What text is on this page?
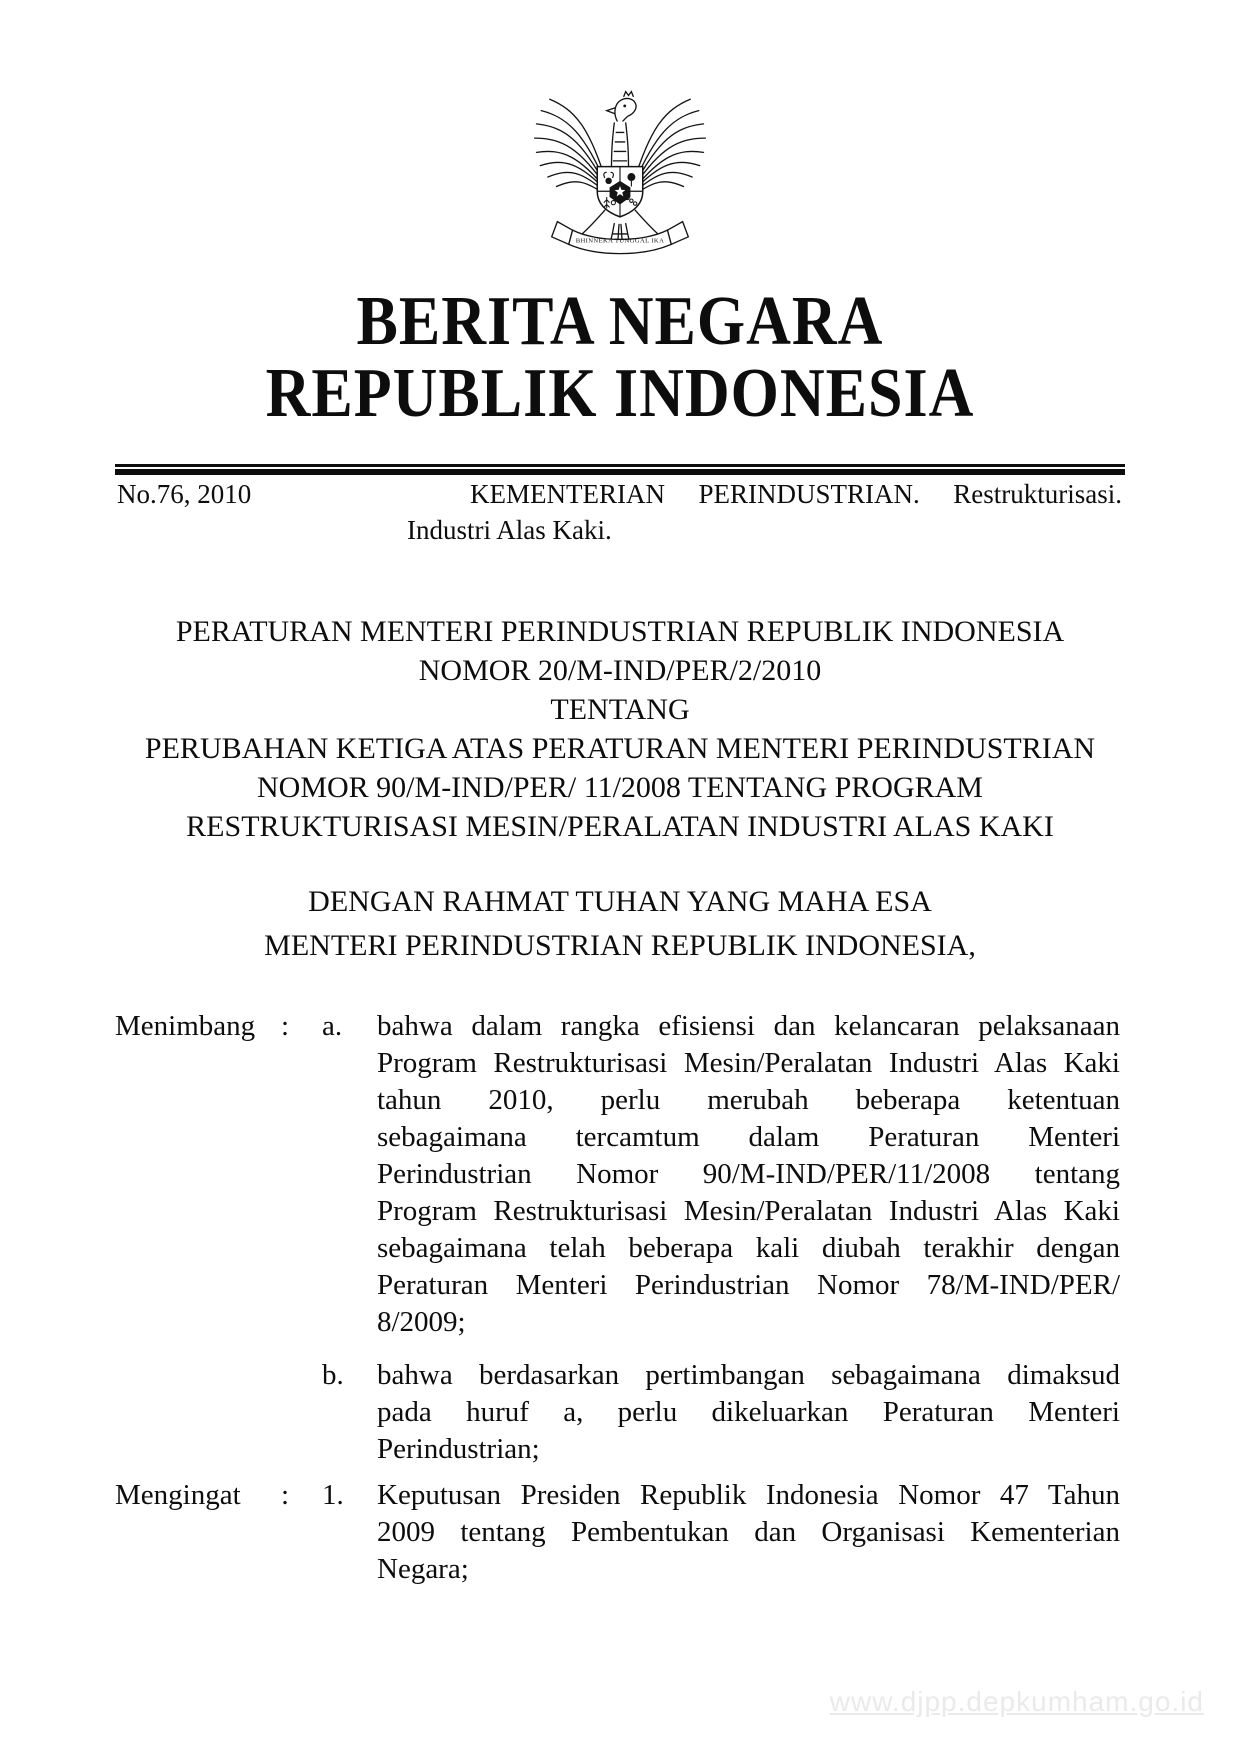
BHINNEKA TUNGGAL IKA
BERITA NEGARA
REPUBLIK INDONESIA
No.76, 2010	KEMENTERIAN PERINDUSTRIAN. Restrukturisasi.
Industri Alas Kaki.
PERATURAN MENTERI PERINDUSTRIAN REPUBLIK INDONESIA
NOMOR 20/M-IND/PER/2/2010
TENTANG
PERUBAHAN KETIGA ATAS PERATURAN MENTERI PERINDUSTRIAN
NOMOR 90/M-IND/PER/ 11/2008 TENTANG PROGRAM
RESTRUKTURISASI MESIN/PERALATAN INDUSTRI ALAS KAKI
DENGAN RAHMAT TUHAN YANG MAHA ESA
MENTERI PERINDUSTRIAN REPUBLIK INDONESIA,
Menimbang : a. bahwa dalam rangka efisiensi dan kelancaran pelaksanaan
Program Restrukturisasi Mesin/Peralatan Industri Alas Kaki
tahun 2010, perlu merubah beberapa ketentuan
sebagaimana tercamtum dalam Peraturan Menteri
Perindustrian Nomor 90/M-IND/PER/11/2008 tentang
Program Restrukturisasi Mesin/Peralatan Industri Alas Kaki
sebagaimana telah beberapa kali diubah terakhir dengan
Peraturan Menteri Perindustrian Nomor 78/M-IND/PER/
8/2009;
b. bahwa berdasarkan pertimbangan sebagaimana dimaksud
pada huruf a, perlu dikeluarkan Peraturan Menteri
Perindustrian;
Mengingat : 1. Keputusan Presiden Republik Indonesia Nomor 47 Tahun
2009 tentang Pembentukan dan Organisasi Kementerian
Negara;
www.djpp.depkumham.go.id
